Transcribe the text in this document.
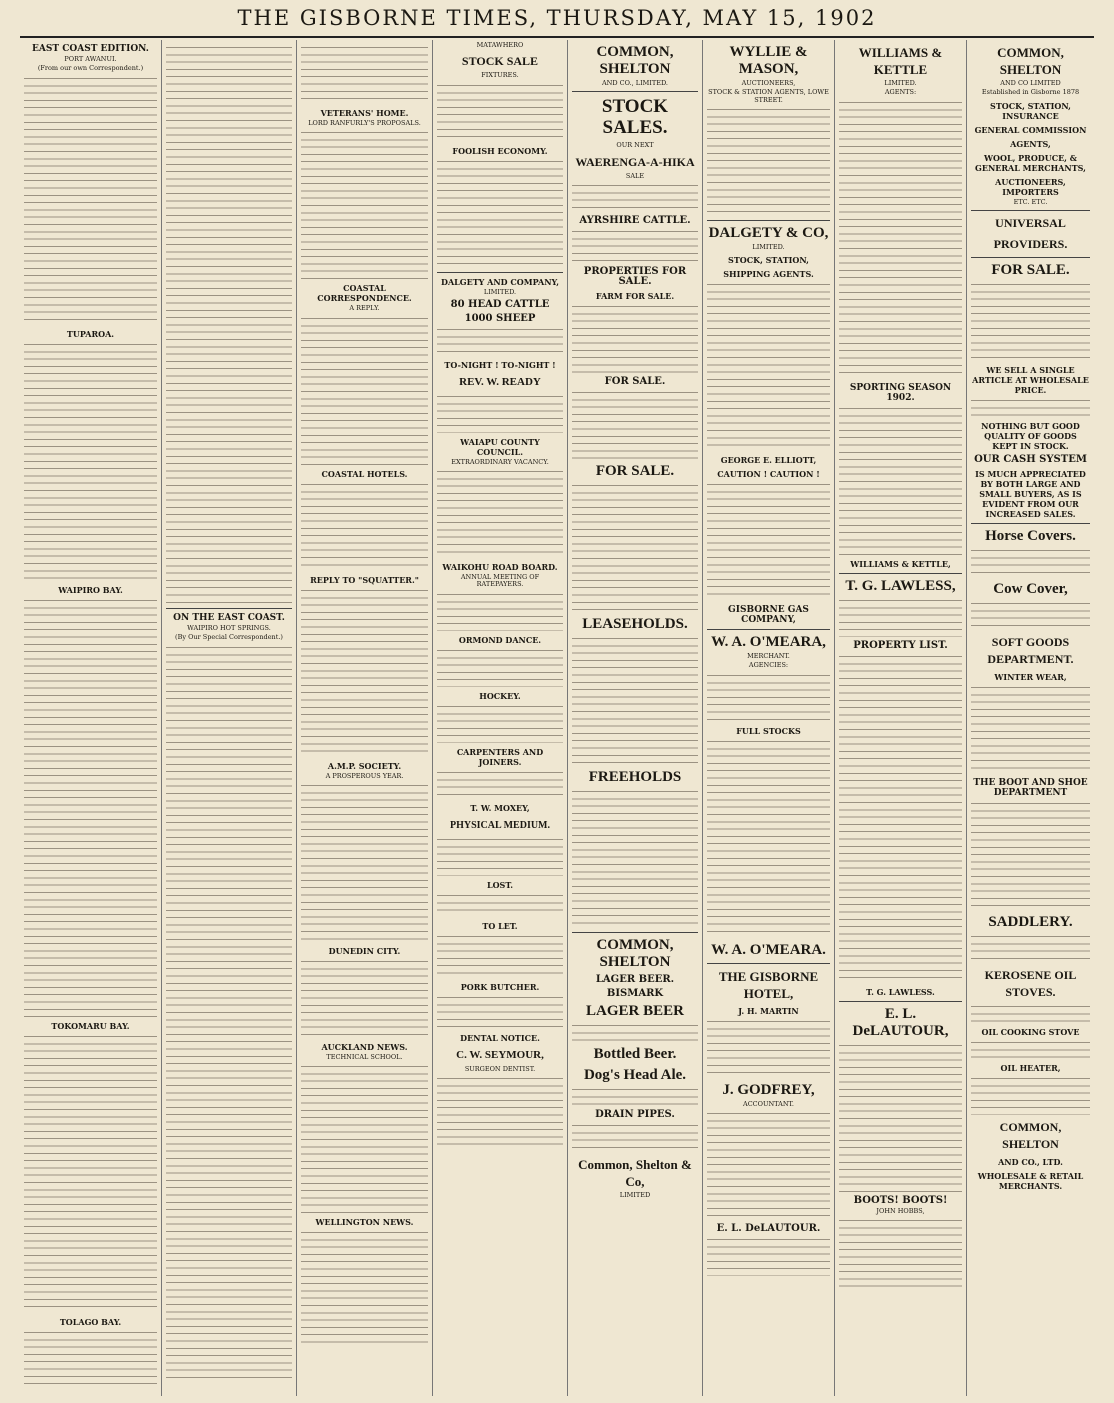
THE GISBORNE TIMES, THURSDAY, MAY 15, 1902
EAST COAST EDITION.
PORT AWANUI.
(From our own Correspondent.)
TUPAROA.
WAIPIRO BAY.
TOKOMARU BAY.
TOLAGO BAY.
ON THE EAST COAST.
WAIPIRO HOT SPRINGS.
(By Our Special Correspondent.)
VETERANS' HOME.
LORD RANFURLY'S PROPOSALS.
COASTAL CORRESPONDENCE.
A REPLY.
COASTAL HOTELS.
REPLY TO "SQUATTER."
A.M.P. SOCIETY.
A PROSPEROUS YEAR.
DUNEDIN CITY.
AUCKLAND NEWS.
TECHNICAL SCHOOL.
WELLINGTON NEWS.
MATAWHERO
STOCK SALE
FIXTURES.
FOOLISH ECONOMY.
DALGETY AND COMPANY,
LIMITED.
80 HEAD CATTLE
1000 SHEEP
TO-NIGHT ! TO-NIGHT !
REV. W. READY
WAIAPU COUNTY COUNCIL.
EXTRAORDINARY VACANCY.
WAIKOHU ROAD BOARD.
ANNUAL MEETING OF RATEPAYERS.
ORMOND DANCE.
HOCKEY.
CARPENTERS AND JOINERS.
T. W. MOXEY,
PHYSICAL MEDIUM.
LOST.
TO LET.
PORK BUTCHER.
DENTAL NOTICE.
C. W. SEYMOUR,
SURGEON DENTIST.
COMMON, SHELTON
AND CO., LIMITED.
STOCK SALES.
OUR NEXT
WAERENGA-A-HIKA
SALE
AYRSHIRE CATTLE.
PROPERTIES FOR SALE.
FARM FOR SALE.
FOR SALE.
FOR SALE.
LEASEHOLDS.
FREEHOLDS
COMMON, SHELTON
LAGER BEER.
BISMARK
LAGER BEER
Bottled Beer.
Dog's Head Ale.
DRAIN PIPES.
Common, Shelton & Co,
LIMITED
WYLLIE & MASON,
AUCTIONEERS,
STOCK & STATION AGENTS, LOWE STREET.
DALGETY & CO,
LIMITED.
STOCK, STATION,
SHIPPING AGENTS.
GEORGE E. ELLIOTT,
CAUTION ! CAUTION !
GISBORNE GAS COMPANY,
W. A. O'MEARA,
MERCHANT.
AGENCIES:
FULL STOCKS
W. A. O'MEARA.
THE GISBORNE HOTEL,
J. H. MARTIN
J. GODFREY,
ACCOUNTANT.
E. L. DeLAUTOUR.
WILLIAMS & KETTLE
LIMITED.
AGENTS:
SPORTING SEASON 1902.
WILLIAMS & KETTLE,
T. G. LAWLESS,
PROPERTY LIST.
T. G. LAWLESS.
E. L. DeLAUTOUR,
BOOTS! BOOTS!
JOHN HOBBS,
COMMON, SHELTON
AND CO LIMITED
Established in Gisborne 1878
STOCK, STATION, INSURANCE
GENERAL COMMISSION
AGENTS,
WOOL, PRODUCE, & GENERAL MERCHANTS,
AUCTIONEERS, IMPORTERS
ETC. ETC.
UNIVERSAL
PROVIDERS.
FOR SALE.
WE SELL A SINGLE ARTICLE AT WHOLESALE PRICE.
NOTHING BUT GOOD QUALITY OF GOODS KEPT IN STOCK.
OUR CASH SYSTEM
IS MUCH APPRECIATED BY BOTH LARGE AND SMALL BUYERS, AS IS EVIDENT FROM OUR INCREASED SALES.
Horse Covers.
Cow Cover,
SOFT GOODS DEPARTMENT.
WINTER WEAR,
THE BOOT AND SHOE DEPARTMENT
SADDLERY.
KEROSENE OIL STOVES.
OIL COOKING STOVE
OIL HEATER,
COMMON, SHELTON
AND CO., LTD.
WHOLESALE & RETAIL MERCHANTS.
